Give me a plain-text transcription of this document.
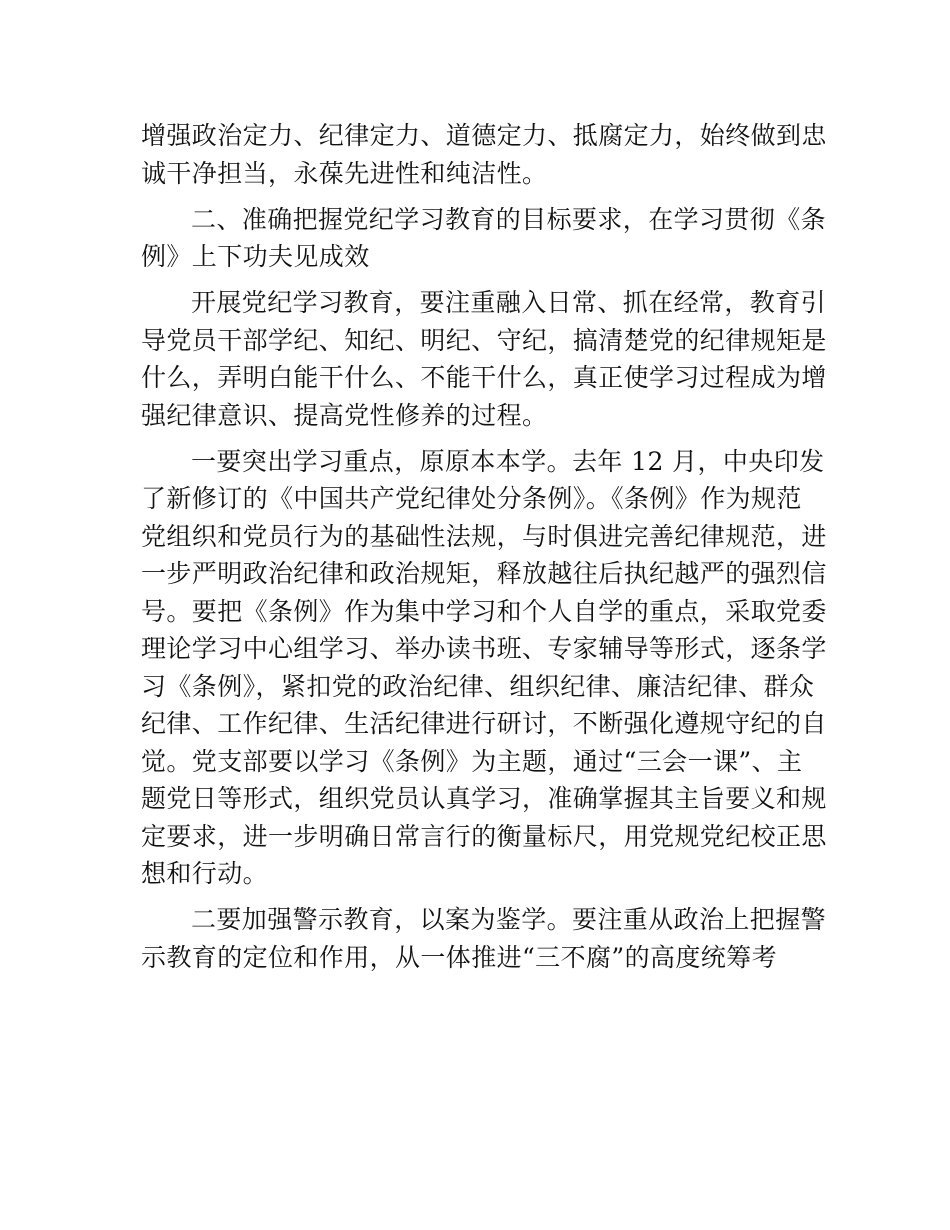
增强政治定力、纪律定力、道德定力、抵腐定力，始终做到忠
诚干净担当，永葆先进性和纯洁性。
二、准确把握党纪学习教育的目标要求，在学习贯彻《条
例》上下功夫见成效
开展党纪学习教育，要注重融入日常、抓在经常，教育引
导党员干部学纪、知纪、明纪、守纪，搞清楚党的纪律规矩是
什么，弄明白能干什么、不能干什么，真正使学习过程成为增
强纪律意识、提高党性修养的过程。
一要突出学习重点，原原本本学。去年 12 月，中央印发
了新修订的《中国共产党纪律处分条例》。《条例》作为规范
党组织和党员行为的基础性法规，与时俱进完善纪律规范，进
一步严明政治纪律和政治规矩，释放越往后执纪越严的强烈信
号。要把《条例》作为集中学习和个人自学的重点，采取党委
理论学习中心组学习、举办读书班、专家辅导等形式，逐条学
习《条例》，紧扣党的政治纪律、组织纪律、廉洁纪律、群众
纪律、工作纪律、生活纪律进行研讨，不断强化遵规守纪的自
觉。党支部要以学习《条例》为主题，通过“三会一课”、主
题党日等形式，组织党员认真学习，准确掌握其主旨要义和规
定要求，进一步明确日常言行的衡量标尺，用党规党纪校正思
想和行动。
二要加强警示教育，以案为鉴学。要注重从政治上把握警
示教育的定位和作用，从一体推进“三不腐”的高度统筹考
